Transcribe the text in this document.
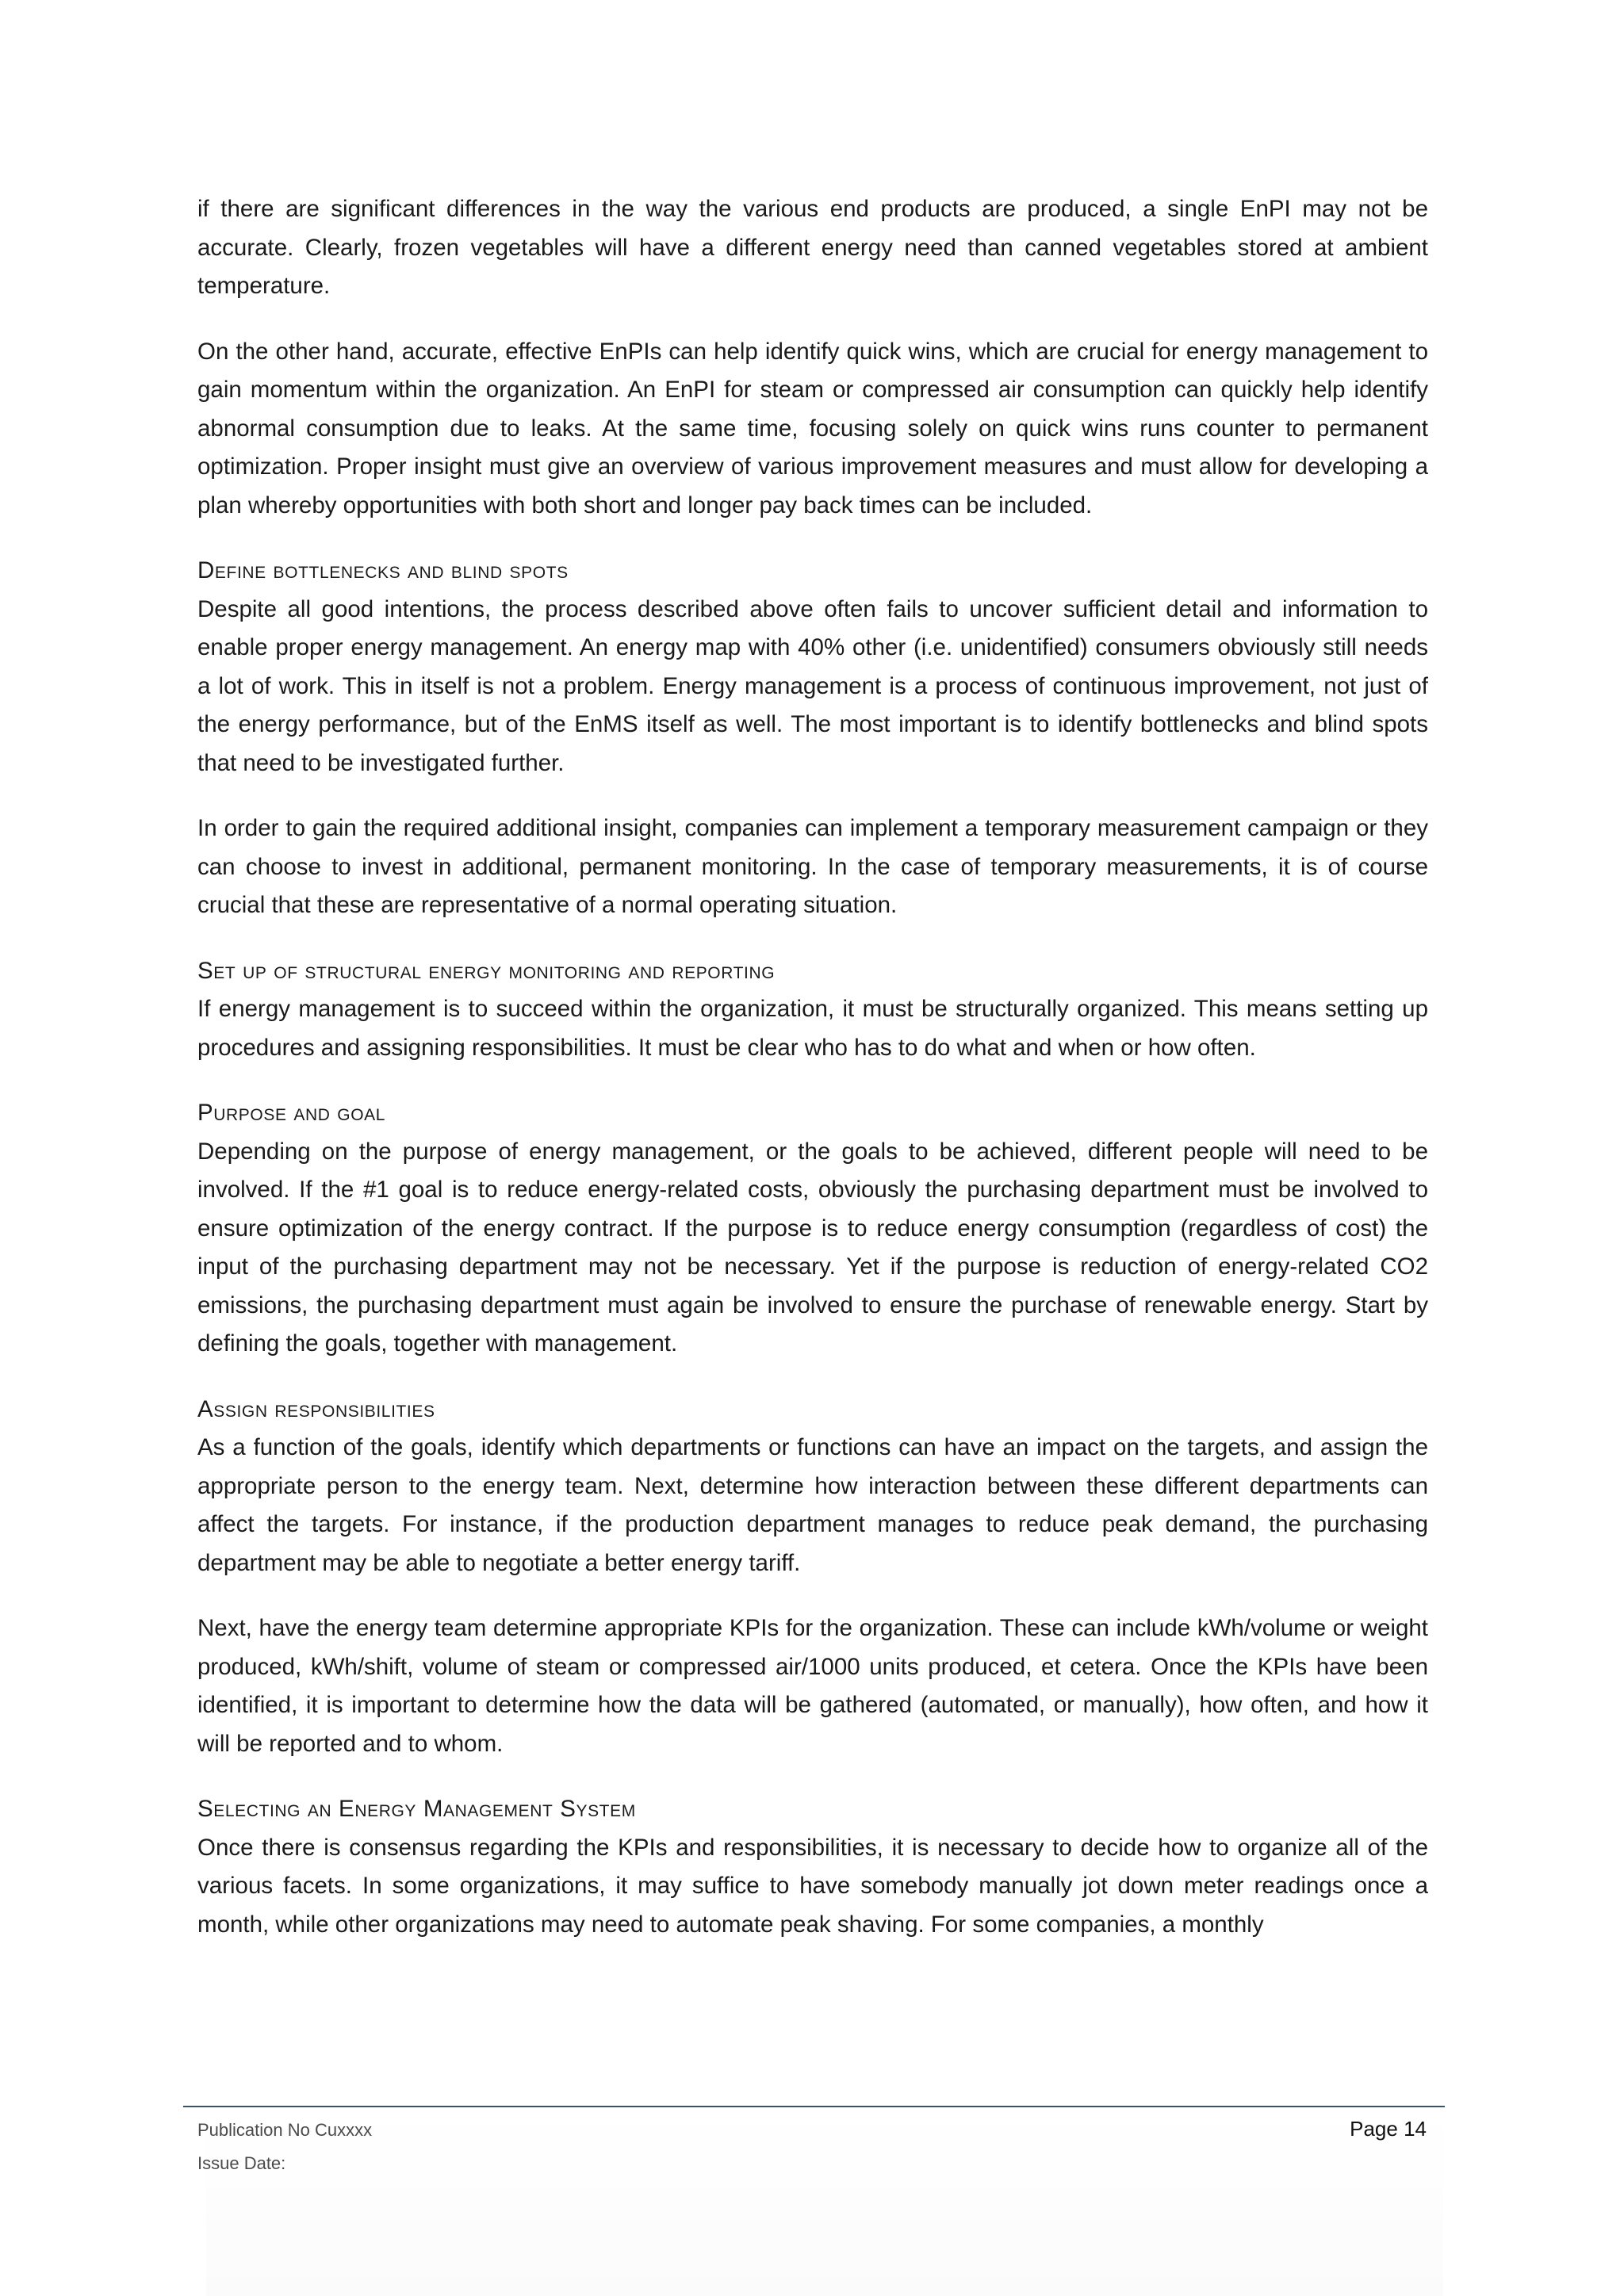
if there are significant differences in the way the various end products are produced, a single EnPI may not be accurate. Clearly, frozen vegetables will have a different energy need than canned vegetables stored at ambient temperature.

On the other hand, accurate, effective EnPIs can help identify quick wins, which are crucial for energy management to gain momentum within the organization. An EnPI for steam or compressed air consumption can quickly help identify abnormal consumption due to leaks. At the same time, focusing solely on quick wins runs counter to permanent optimization. Proper insight must give an overview of various improvement measures and must allow for developing a plan whereby opportunities with both short and longer pay back times can be included.

Define bottlenecks and blind spots

Despite all good intentions, the process described above often fails to uncover sufficient detail and information to enable proper energy management. An energy map with 40% other (i.e. unidentified) consumers obviously still needs a lot of work. This in itself is not a problem. Energy management is a process of continuous improvement, not just of the energy performance, but of the EnMS itself as well. The most important is to identify bottlenecks and blind spots that need to be investigated further.

In order to gain the required additional insight, companies can implement a temporary measurement campaign or they can choose to invest in additional, permanent monitoring. In the case of temporary measurements, it is of course crucial that these are representative of a normal operating situation.

Set up of structural energy monitoring and reporting

If energy management is to succeed within the organization, it must be structurally organized. This means setting up procedures and assigning responsibilities. It must be clear who has to do what and when or how often.

Purpose and goal

Depending on the purpose of energy management, or the goals to be achieved, different people will need to be involved. If the #1 goal is to reduce energy-related costs, obviously the purchasing department must be involved to ensure optimization of the energy contract. If the purpose is to reduce energy consumption (regardless of cost) the input of the purchasing department may not be necessary. Yet if the purpose is reduction of energy-related CO2 emissions, the purchasing department must again be involved to ensure the purchase of renewable energy. Start by defining the goals, together with management.

Assign responsibilities

As a function of the goals, identify which departments or functions can have an impact on the targets, and assign the appropriate person to the energy team. Next, determine how interaction between these different departments can affect the targets. For instance, if the production department manages to reduce peak demand, the purchasing department may be able to negotiate a better energy tariff.

Next, have the energy team determine appropriate KPIs for the organization. These can include kWh/volume or weight produced, kWh/shift, volume of steam or compressed air/1000 units produced, et cetera. Once the KPIs have been identified, it is important to determine how the data will be gathered (automated, or manually), how often, and how it will be reported and to whom.

Selecting an Energy Management System

Once there is consensus regarding the KPIs and responsibilities, it is necessary to decide how to organize all of the various facets. In some organizations, it may suffice to have somebody manually jot down meter readings once a month, while other organizations may need to automate peak shaving. For some companies, a monthly

Publication No Cuxxxx
Issue Date:
Page 14
